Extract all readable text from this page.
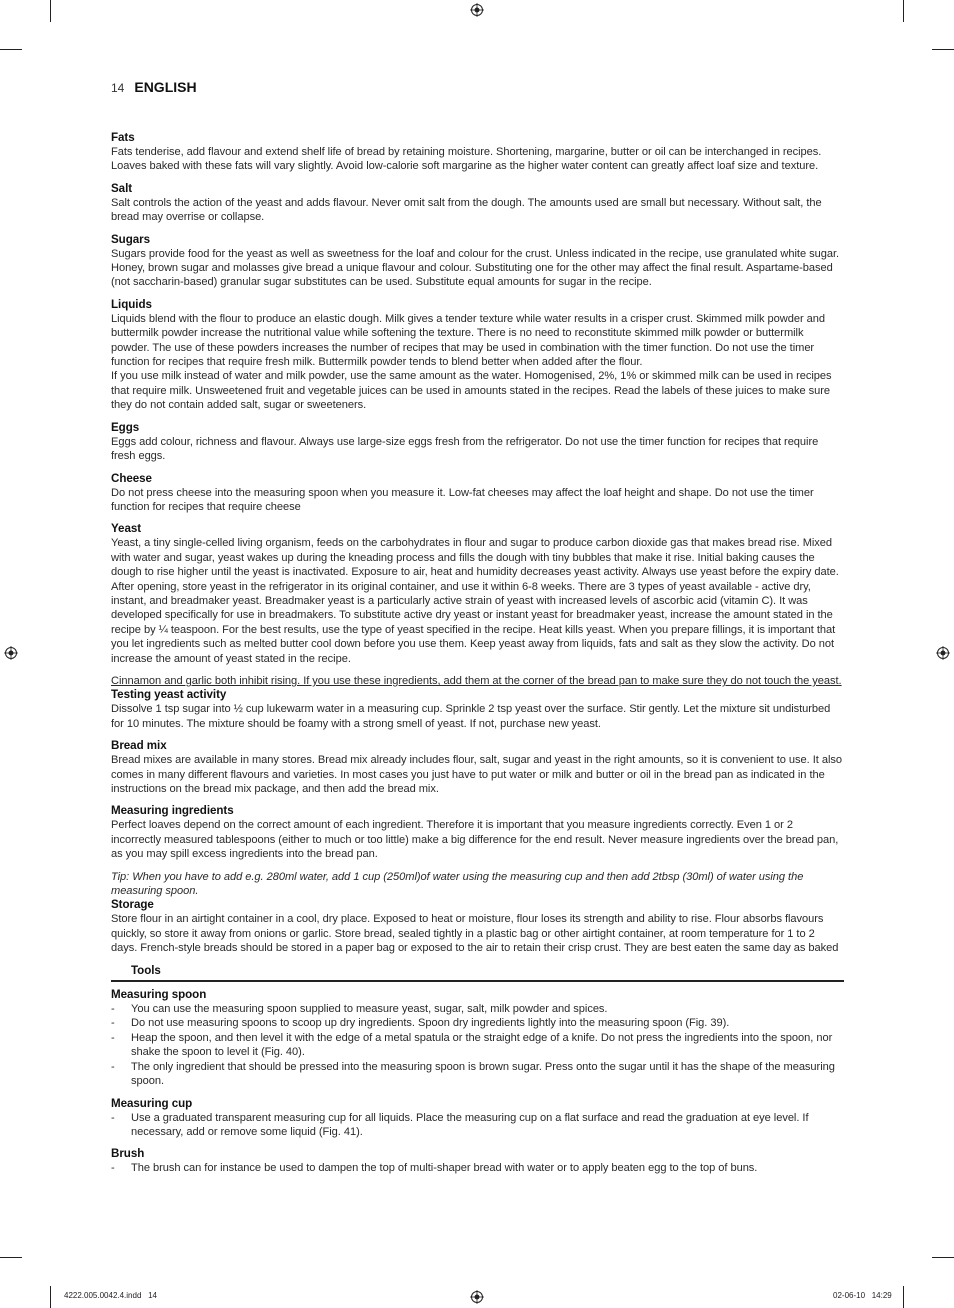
14 ENGLISH

Fats

Fats tenderise, add flavour and extend shelf life of bread by retaining moisture. Shortening, margarine, butter or oil can be interchanged in recipes. Loaves baked with these fats will vary slightly. Avoid low-calorie soft margarine as the higher water content can greatly affect loaf size and texture.

Salt

Salt controls the action of the yeast and adds flavour. Never omit salt from the dough. The amounts used are small but necessary. Without salt, the bread may overrise or collapse.

Sugars

Sugars provide food for the yeast as well as sweetness for the loaf and colour for the crust. Unless indicated in the recipe, use granulated white sugar. Honey, brown sugar and molasses give bread a unique flavour and colour. Substituting one for the other may affect the final result. Aspartame-based (not saccharin-based) granular sugar substitutes can be used. Substitute equal amounts for sugar in the recipe.

Liquids

Liquids blend with the flour to produce an elastic dough. Milk gives a tender texture while water results in a crisper crust. Skimmed milk powder and buttermilk powder increase the nutritional value while softening the texture. There is no need to reconstitute skimmed milk powder or buttermilk powder. The use of these powders increases the number of recipes that may be used in combination with the timer function. Do not use the timer function for recipes that require fresh milk. Buttermilk powder tends to blend better when added after the flour.

If you use milk instead of water and milk powder, use the same amount as the water. Homogenised, 2%, 1% or skimmed milk can be used in recipes that require milk. Unsweetened fruit and vegetable juices can be used in amounts stated in the recipes. Read the labels of these juices to make sure they do not contain added salt, sugar or sweeteners.

Eggs

Eggs add colour, richness and flavour. Always use large-size eggs fresh from the refrigerator. Do not use the timer function for recipes that require fresh eggs.

Cheese

Do not press cheese into the measuring spoon when you measure it. Low-fat cheeses may affect the loaf height and shape. Do not use the timer function for recipes that require cheese

Yeast

Yeast, a tiny single-celled living organism, feeds on the carbohydrates in flour and sugar to produce carbon dioxide gas that makes bread rise. Mixed with water and sugar, yeast wakes up during the kneading process and fills the dough with tiny bubbles that make it rise. Initial baking causes the dough to rise higher until the yeast is inactivated. Exposure to air, heat and humidity decreases yeast activity. Always use yeast before the expiry date. After opening, store yeast in the refrigerator in its original container, and use it within 6-8 weeks. There are 3 types of yeast available - active dry, instant, and breadmaker yeast. Breadmaker yeast is a particularly active strain of yeast with increased levels of ascorbic acid (vitamin C). It was developed specifically for use in breadmakers. To substitute active dry yeast or instant yeast for breadmaker yeast, increase the amount stated in the recipe by ¼ teaspoon. For the best results, use the type of yeast specified in the recipe. Heat kills yeast. When you prepare fillings, it is important that you let ingredients such as melted butter cool down before you use them. Keep yeast away from liquids, fats and salt as they slow the activity. Do not increase the amount of yeast stated in the recipe.

Cinnamon and garlic both inhibit rising. If you use these ingredients, add them at the corner of the bread pan to make sure they do not touch the yeast.

Testing yeast activity

Dissolve 1 tsp sugar into ½ cup lukewarm water in a measuring cup. Sprinkle 2 tsp yeast over the surface. Stir gently. Let the mixture sit undisturbed for 10 minutes. The mixture should be foamy with a strong smell of yeast. If not, purchase new yeast.

Bread mix

Bread mixes are available in many stores. Bread mix already includes flour, salt, sugar and yeast in the right amounts, so it is convenient to use. It also comes in many different flavours and varieties. In most cases you just have to put water or milk and butter or oil in the bread pan as indicated in the instructions on the bread mix package, and then add the bread mix.

Measuring ingredients

Perfect loaves depend on the correct amount of each ingredient. Therefore it is important that you measure ingredients correctly. Even 1 or 2 incorrectly measured tablespoons (either to much or too little) make a big difference for the end result. Never measure ingredients over the bread pan, as you may spill excess ingredients into the bread pan.

Tip: When you have to add e.g. 280ml water, add 1 cup (250ml)of water using the measuring cup and then add 2tbsp (30ml) of water using the measuring spoon.

Storage

Store flour in an airtight container in a cool, dry place. Exposed to heat or moisture, flour loses its strength and ability to rise. Flour absorbs flavours quickly, so store it away from onions or garlic. Store bread, sealed tightly in a plastic bag or other airtight container, at room temperature for 1 to 2 days. French-style breads should be stored in a paper bag or exposed to the air to retain their crisp crust. They are best eaten the same day as baked

Tools

Measuring spoon

- You can use the measuring spoon supplied to measure yeast, sugar, salt, milk powder and spices.
- Do not use measuring spoons to scoop up dry ingredients. Spoon dry ingredients lightly into the measuring spoon (Fig. 39).
- Heap the spoon, and then level it with the edge of a metal spatula or the straight edge of a knife. Do not press the ingredients into the spoon, nor shake the spoon to level it (Fig. 40).
- The only ingredient that should be pressed into the measuring spoon is brown sugar. Press onto the sugar until it has the shape of the measuring spoon.

Measuring cup

- Use a graduated transparent measuring cup for all liquids. Place the measuring cup on a flat surface and read the graduation at eye level. If necessary, add or remove some liquid (Fig. 41).

Brush

- The brush can for instance be used to dampen the top of multi-shaper bread with water or to apply beaten egg to the top of buns.
4222.005.0042.4.indd   14	02-06-10   14:29
